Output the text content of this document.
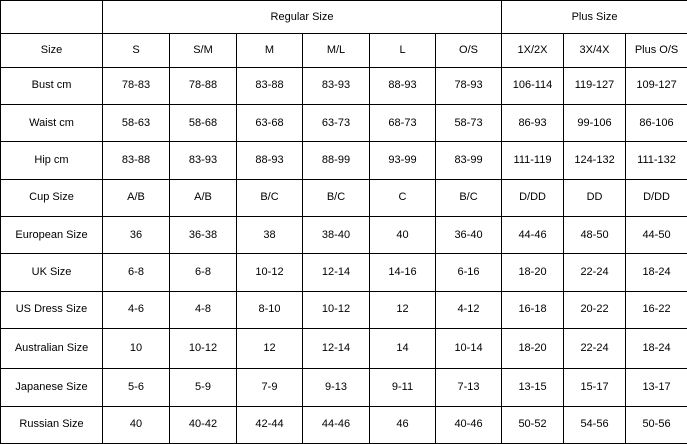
	Regular Size						Plus Size		
Size	S	S/M	M	M/L	L	O/S	1X/2X	3X/4X	Plus O/S
Bust cm	78-83	78-88	83-88	83-93	88-93	78-93	106-114	119-127	109-127
Waist cm	58-63	58-68	63-68	63-73	68-73	58-73	86-93	99-106	86-106
Hip cm	83-88	83-93	88-93	88-99	93-99	83-99	111-119	124-132	111-132
Cup Size	A/B	A/B	B/C	B/C	C	B/C	D/DD	DD	D/DD
European Size	36	36-38	38	38-40	40	36-40	44-46	48-50	44-50
UK Size	6-8	6-8	10-12	12-14	14-16	6-16	18-20	22-24	18-24
US Dress Size	4-6	4-8	8-10	10-12	12	4-12	16-18	20-22	16-22
Australian Size	10	10-12	12	12-14	14	10-14	18-20	22-24	18-24
Japanese Size	5-6	5-9	7-9	9-13	9-11	7-13	13-15	15-17	13-17
Russian Size	40	40-42	42-44	44-46	46	40-46	50-52	54-56	50-56
